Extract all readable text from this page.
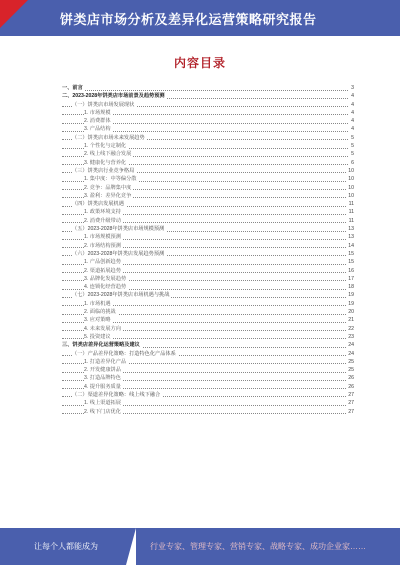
饼类店市场分析及差异化运营策略研究报告
内容目录
一、前言	3
二、2023-2028年饼类店市场前景及趋势预测	4
（一）饼类店市场发展现状	4
1. 市场规模	4
2. 消费群体	4
3. 产品结构	4
（二）饼类店市场未来发展趋势	5
1. 个性化与定制化	5
2. 线上线下融合发展	5
3. 健康化与营养化	6
（三）饼类店行业竞争格局	10
1. 集中度：中等偏分散	10
2. 竞争：品牌集中度	10
3. 盈利：差异化竞争	10
（四）饼类店发展机遇	11
1. 政策环境支持	11
2. 消费升级带动	11
（五）2023-2028年饼类店市场规模预测	13
1. 市场规模预测	13
2. 市场结构预测	14
（六）2023-2028年饼类店发展趋势预测	15
1. 产品创新趋势	15
2. 渠道拓展趋势	16
3. 品牌化发展趋势	17
4. 连锁化经营趋势	18
（七）2023-2028年饼类店市场机遇与挑战	19
1. 市场机遇	19
2. 面临的挑战	20
3. 应对策略	21
4. 未来发展方向	22
5. 投资建议	23
三、饼类店差异化运营策略及建议	24
（一）产品差异化策略：打造特色化产品体系	24
1. 打造差异化产品	25
2. 开发健康饼品	25
3. 打造品牌特色	26
4. 提升服务质量	26
（二）渠道差异化策略：线上线下融合	27
1. 线上渠道拓展	27
2. 线下门店优化	27
让每个人都能成为	行业专家、管理专家、营销专家、战略专家、成功企业家……
